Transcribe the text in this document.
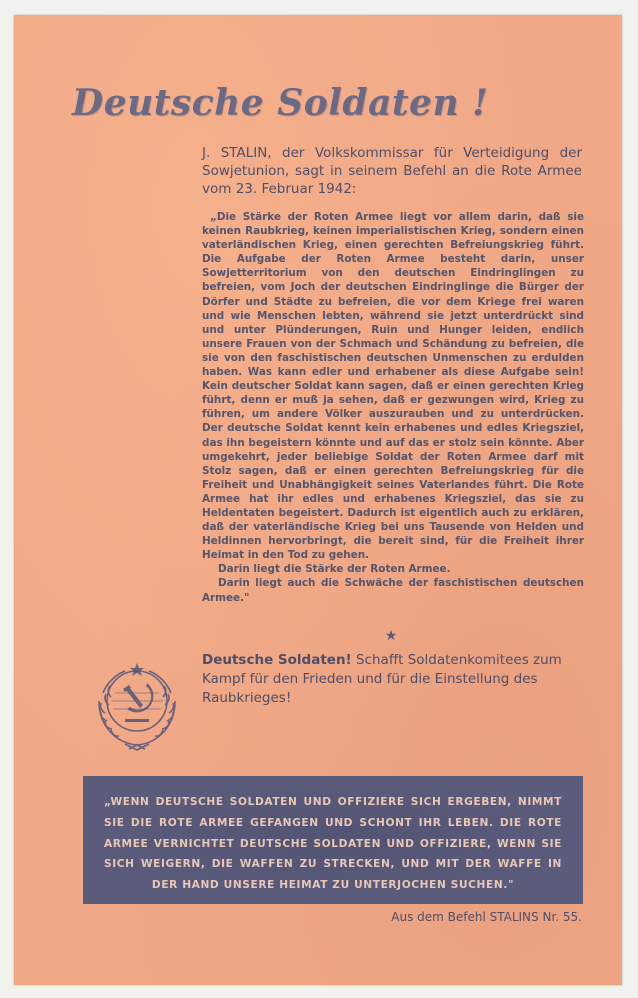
Deutsche Soldaten !
J. STALIN, der Volkskommissar für Verteidigung der Sowjetunion, sagt in seinem Befehl an die Rote Armee vom 23. Februar 1942:

„Die Stärke der Roten Armee liegt vor allem darin, daß sie keinen Raubkrieg, keinen imperialistischen Krieg, sondern einen vaterländischen Krieg, einen gerechten Befreiungskrieg führt. Die Aufgabe der Roten Armee besteht darin, unser Sowjetterritorium von den deutschen Eindringlingen zu befreien, vom Joch der deutschen Eindringlinge die Bürger der Dörfer und Städte zu befreien, die vor dem Kriege frei waren und wie Menschen lebten, während sie jetzt unterdrückt sind und unter Plünderungen, Ruin und Hunger leiden, endlich unsere Frauen von der Schmach und Schändung zu befreien, die sie von den faschistischen deutschen Unmenschen zu erdulden haben. Was kann edler und erhabener als diese Aufgabe sein! Kein deutscher Soldat kann sagen, daß er einen gerechten Krieg führt, denn er muß ja sehen, daß er gezwungen wird, Krieg zu führen, um andere Völker auszurauben und zu unterdrücken. Der deutsche Soldat kennt kein erhabenes und edles Kriegsziel, das ihn begeistern könnte und auf das er stolz sein könnte. Aber umgekehrt, jeder beliebige Soldat der Roten Armee darf mit Stolz sagen, daß er einen gerechten Befreiungskrieg für die Freiheit und Unabhängigkeit seines Vaterlandes führt. Die Rote Armee hat ihr edles und erhabenes Kriegsziel, das sie zu Heldentaten begeistert. Dadurch ist eigentlich auch zu erklären, daß der vaterländische Krieg bei uns Tausende von Helden und Heldinnen hervorbringt, die bereit sind, für die Freiheit ihrer Heimat in den Tod zu gehen.

Darin liegt die Stärke der Roten Armee.

Darin liegt auch die Schwäche der faschistischen deutschen Armee."

★
Deutsche Soldaten! Schafft Soldatenkomitees zum Kampf für den Frieden und für die Einstellung des Raubkrieges!
„WENN DEUTSCHE SOLDATEN UND OFFIZIERE SICH ERGEBEN, NIMMT SIE DIE ROTE ARMEE GEFANGEN UND SCHONT IHR LEBEN. DIE ROTE ARMEE VERNICHTET DEUTSCHE SOLDATEN UND OFFIZIERE, WENN SIE SICH WEIGERN, DIE WAFFEN ZU STRECKEN, UND MIT DER WAFFE IN DER HAND UNSERE HEIMAT ZU UNTERJOCHEN SUCHEN."
Aus dem Befehl STALINS Nr. 55.
